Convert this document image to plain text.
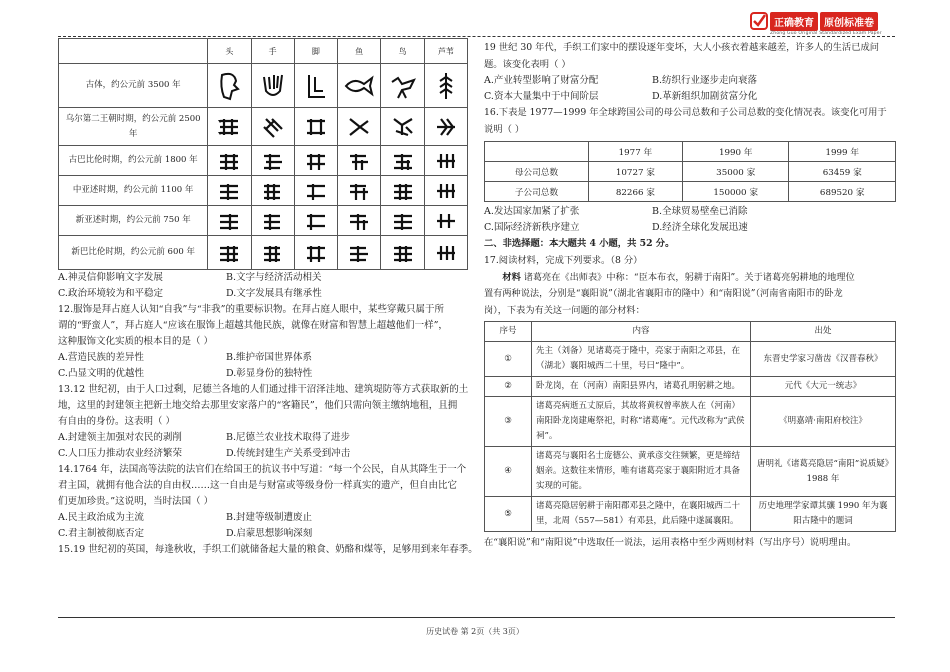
正确教育	原创标准卷
Zhong Guo Original Standardized Exam Paper
	头	手	脚	鱼	鸟	芦苇
古体，约公元前 3500 年	

乌尔第二王朝时期，约公元前 2500 年	

古巴比伦时期，约公元前 1800 年	

中亚述时期，约公元前 1100 年	

新亚述时期，约公元前 750 年	

新巴比伦时期，约公元前 600 年	

A.神灵信仰影响文字发展	B.文字与经济活动相关
C.政治环境较为和平稳定	D.文字发展具有继承性
12.服饰是拜占庭人认知“自我”与“非我”的重要标识物。在拜占庭人眼中，某些穿戴只属于所
谓的“野蛮人”，拜占庭人“应该在服饰上超越其他民族，就像在财富和智慧上超越他们一样”，
这种服饰文化实质的根本目的是（ ）
A.营造民族的差异性	B.维护帝国世界体系
C.凸显文明的优越性	D.彰显身份的独特性
13.12 世纪初，由于人口过剩，尼德兰各地的人们通过排干沼泽洼地、建筑堤防等方式获取新的土
地，这里的封建领主把新土地交给去那里安家落户的“客籍民”，他们只需向领主缴纳地租，且拥
有自由的身份。这表明（ ）
A.封建领主加强对农民的剥削	B.尼德兰农业技术取得了进步
C.人口压力推动农业经济繁荣	D.传统封建生产关系受到冲击
14.1764 年，法国高等法院的法官们在给国王的抗议书中写道：“每一个公民，自从其降生于一个
君主国，就拥有他合法的自由权……这一自由是与财富或等级身份一样真实的遗产，但自由比它
们更加珍贵。”这说明，当时法国（ ）
A.民主政治成为主流	B.封建等级制遭废止
C.君主制被彻底否定	D.启蒙思想影响深刻
15.19 世纪初的英国，每逢秋收，手织工们就储备起大量的粮食、奶酪和煤等，足够用到来年春季。
19 世纪 30 年代，手织工们家中的摆设逐年变坏，大人小孩衣着越来越差，许多人的生活已成问
题。该变化表明（ ）
A.产业转型影响了财富分配	B.纺织行业逐步走向衰落
C.资本大量集中于中间阶层	D.革新组织加剧贫富分化
16.下表是 1977—1999 年全球跨国公司的母公司总数和子公司总数的变化情况表。该变化可用于
说明（ ）
	1977 年	1990 年	1999 年
母公司总数	10727 家	35000 家	63459 家
子公司总数	82266 家	150000 家	689520 家
A.发达国家加紧了扩张	B.全球贸易壁垒已消除
C.国际经济新秩序建立	D.经济全球化发展迅速
二、非选择题：本大题共 4 小题，共 52 分。
17.阅读材料，完成下列要求。（8 分）
材料 诸葛亮在《出师表》中称：“臣本布衣，躬耕于南阳”。关于诸葛亮躬耕地的地理位
置有两种说法，分别是“襄阳说”（湖北省襄阳市的隆中）和“南阳说”（河南省南阳市的卧龙
岗），下表为有关这一问题的部分材料：
序号	内容	出处
①	先主（刘备）见诸葛亮于隆中，亮家于南阳之邓县，在（湖北）襄阳城西二十里，号曰“隆中”。	东晋史学家习凿齿《汉晋春秋》
②	卧龙岗，在（河南）南阳县界内，诸葛孔明躬耕之地。	元代《大元一统志》
③	诸葛亮病逝五丈原后，其故将黄权曾率族人在（河南）南阳卧龙岗建庵祭祀，时称“诸葛庵”。元代改称为“武侯祠”。	《明嘉靖·南阳府校注》
④	诸葛亮与襄阳名士庞德公、黄承彦交往频繁，更是缔结姻亲。这数往来情形，唯有诸葛亮家于襄阳附近才具备实现的可能。	唐明礼《诸葛亮隐居“南阳”说质疑》1988 年
⑤	诸葛亮隐居躬耕于南阳郡邓县之隆中，在襄阳城西二十里，北周（557—581）有邓县，此后隆中遂属襄阳。	历史地理学家谭其骧 1990 年为襄阳古隆中的题词
在“襄阳说”和“南阳说”中选取任一说法，运用表格中至少两则材料（写出序号）说明理由。
历史试卷 第 2页（共 3页）
